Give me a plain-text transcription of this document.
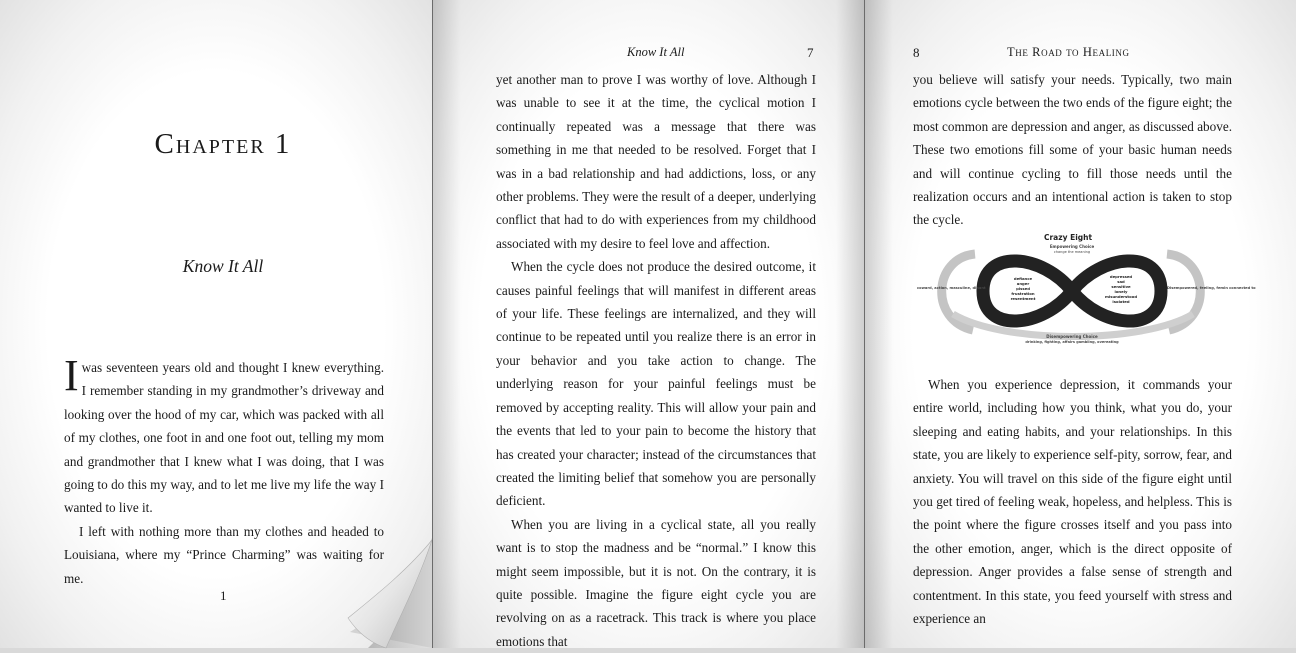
Chapter 1
Know It All

Iwas seventeen years old and thought I knew everything. I remember standing in my grandmother’s driveway and looking over the hood of my car, which was packed with all of my clothes, one foot in and one foot out, telling my mom and grandmother that I knew what I was doing, that I was going to do this my way, and to let me live my life the way I wanted to live it.

I left with nothing more than my clothes and headed to Louisiana, where my “Prince Charming” was waiting for me.

1
Know It All	7

yet another man to prove I was worthy of love. Although I was unable to see it at the time, the cyclical motion I continually repeated was a message that there was something in me that needed to be resolved. Forget that I was in a bad relationship and had addictions, loss, or any other problems. They were the result of a deeper, underlying conflict that had to do with experiences from my childhood associated with my desire to feel love and affection.

When the cycle does not produce the desired outcome, it causes painful feelings that will manifest in different areas of your life. These feelings are internalized, and they will continue to be repeated until you realize there is an error in your behavior and you take action to change. The underlying reason for your painful feelings must be removed by accepting reality. This will allow your pain and the events that led to your pain to become the history that has created your character; instead of the circumstances that created the limiting belief that somehow you are personally deficient.

When you are living in a cyclical state, all you really want is to stop the madness and be “normal.” I know this might seem impossible, but it is not. On the contrary, it is quite possible. Imagine the figure eight cycle you are revolving on as a racetrack. This track is where you place emotions that

8	The Road to Healing

you believe will satisfy your needs. Typically, two main emotions cycle between the two ends of the figure eight; the most common are depression and anger, as discussed above. These two emotions fill some of your basic human needs and will continue cycling to fill those needs until the realization occurs and an intentional action is taken to stop the cycle.

Crazy Eight
Empowering Choice
change the meaning
defiance
anger
pissed
frustration
resentment
depressed
sad
sensitive
lonely
misunderstood
isolated
coward, action, masculine, dinant	Disempowered, feeling, femin connected to
Disempowering Choice
drinking, fighting, affairs gambling, overeating

When you experience depression, it commands your entire world, including how you think, what you do, your sleeping and eating habits, and your relationships. In this state, you are likely to experience self-pity, sorrow, fear, and anxiety. You will travel on this side of the figure eight until you get tired of feeling weak, hopeless, and helpless. This is the point where the figure crosses itself and you pass into the other emotion, anger, which is the direct opposite of depression. Anger provides a false sense of strength and contentment. In this state, you feed yourself with stress and experience an
